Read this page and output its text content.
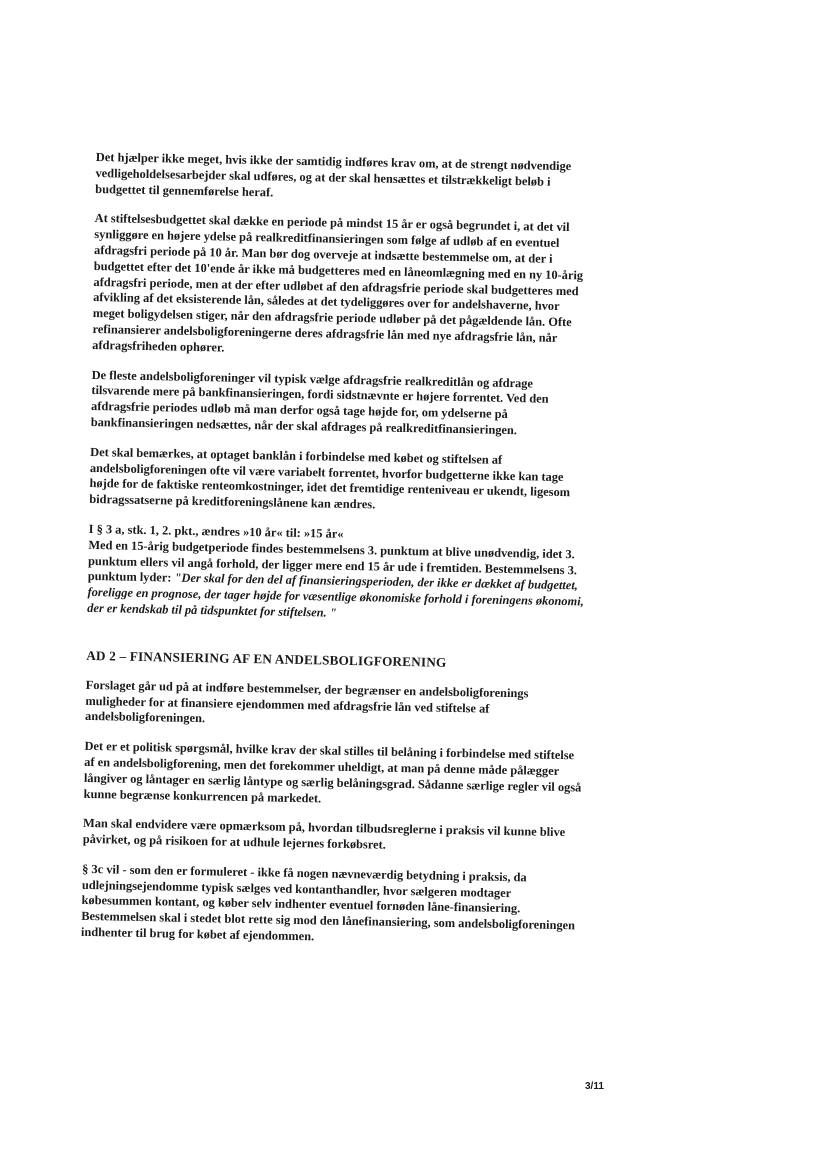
Det hjælper ikke meget, hvis ikke der samtidig indføres krav om, at de strengt nødvendige vedligeholdelsesarbejder skal udføres, og at der skal hensættes et tilstrækkeligt beløb i budgettet til gennemførelse heraf.

At stiftelsesbudgettet skal dække en periode på mindst 15 år er også begrundet i, at det vil synliggøre en højere ydelse på realkreditfinansieringen som følge af udløb af en eventuel afdragsfri periode på 10 år. Man bør dog overveje at indsætte bestemmelse om, at der i budgettet efter det 10'ende år ikke må budgetteres med en låneomlægning med en ny 10-årig afdragsfri periode, men at der efter udløbet af den afdragsfrie periode skal budgetteres med afvikling af det eksisterende lån, således at det tydeliggøres over for andelshaverne, hvor meget boligydelsen stiger, når den afdragsfrie periode udløber på det pågældende lån. Ofte refinansierer andelsboligforeningerne deres afdragsfrie lån med nye afdragsfrie lån, når afdragsfriheden ophører.

De fleste andelsboligforeninger vil typisk vælge afdragsfrie realkreditlån og afdrage tilsvarende mere på bankfinansieringen, fordi sidstnævnte er højere forrentet. Ved den afdragsfrie periodes udløb må man derfor også tage højde for, om ydelserne på bankfinansieringen nedsættes, når der skal afdrages på realkreditfinansieringen.

Det skal bemærkes, at optaget banklån i forbindelse med købet og stiftelsen af andelsboligforeningen ofte vil være variabelt forrentet, hvorfor budgetterne ikke kan tage højde for de faktiske renteomkostninger, idet det fremtidige renteniveau er ukendt, ligesom bidragssatserne på kreditforeningslånene kan ændres.

I § 3 a, stk. 1, 2. pkt., ændres »10 år« til: »15 år«
Med en 15-årig budgetperiode findes bestemmelsens 3. punktum at blive unødvendig, idet 3. punktum ellers vil angå forhold, der ligger mere end 15 år ude i fremtiden. Bestemmelsens 3. punktum lyder: "Der skal for den del af finansieringsperioden, der ikke er dækket af budgettet, foreligge en prognose, der tager højde for væsentlige økonomiske forhold i foreningens økonomi, der er kendskab til på tidspunktet for stiftelsen. "

AD 2 – FINANSIERING AF EN ANDELSBOLIGFORENING

Forslaget går ud på at indføre bestemmelser, der begrænser en andelsboligforenings muligheder for at finansiere ejendommen med afdragsfrie lån ved stiftelse af andelsboligforeningen.

Det er et politisk spørgsmål, hvilke krav der skal stilles til belåning i forbindelse med stiftelse af en andelsboligforening, men det forekommer uheldigt, at man på denne måde pålægger långiver og låntager en særlig låntype og særlig belåningsgrad. Sådanne særlige regler vil også kunne begrænse konkurrencen på markedet.

Man skal endvidere være opmærksom på, hvordan tilbudsreglerne i praksis vil kunne blive påvirket, og på risikoen for at udhule lejernes forkøbsret.

§ 3c vil - som den er formuleret - ikke få nogen nævneværdig betydning i praksis, da udlejningsejendomme typisk sælges ved kontanthandler, hvor sælgeren modtager købesummen kontant, og køber selv indhenter eventuel fornøden låne-finansiering. Bestemmelsen skal i stedet blot rette sig mod den lånefinansiering, som andelsboligforeningen indhenter til brug for købet af ejendommen.

3/11
